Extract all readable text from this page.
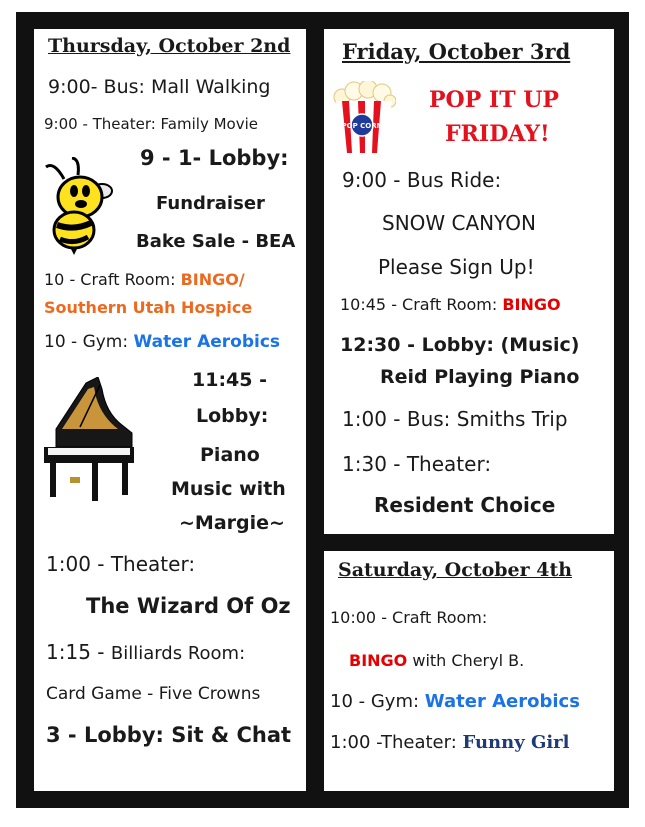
Thursday, October 2nd
9:00- Bus: Mall Walking
9:00 - Theater: Family Movie
9 - 1- Lobby:
Fundraiser
Bake Sale - BEA
10 - Craft Room: BINGO/
Southern Utah Hospice
10 - Gym: Water Aerobics
11:45 -
Lobby:
Piano
Music with
~Margie~
1:00 - Theater:
The Wizard Of Oz
1:15 - Billiards Room:
Card Game - Five Crowns
3 - Lobby: Sit & Chat
Friday, October 3rd
POP CORN
POP IT UP
FRIDAY!
9:00 - Bus Ride:
SNOW CANYON
Please Sign Up!
10:45 - Craft Room: BINGO
12:30 - Lobby: (Music)
Reid Playing Piano
1:00 - Bus: Smiths Trip
1:30 - Theater:
Resident Choice
Saturday, October 4th
10:00 - Craft Room:
BINGO with Cheryl B.
10 - Gym: Water Aerobics
1:00 -Theater: Funny Girl
